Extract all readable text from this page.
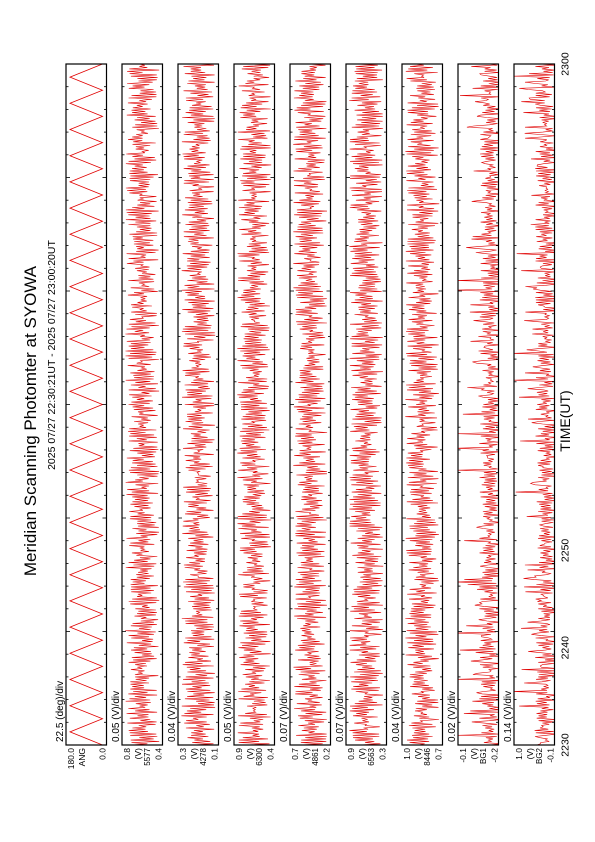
Meridian Scanning Photomter at SYOWA 2025 07/27 22:30:21UT - 2025 07/27 23:00:20UT
180.0 ANG 0.0
22.5 (deg)/div
0.8 (V) 5577 0.4
0.05 (V)/div
0.3 (V) 4278 0.1
0.04 (V)/div
0.9 (V) 6300 0.4
0.05 (V)/div
0.7 (V) 4861 0.2
0.07 (V)/div
0.9 (V) 6563 0.3
0.07 (V)/div
1.0 (V) 8446 0.7
0.04 (V)/div
-0.1 (V) BG1 -0.2
0.02 (V)/div
1.0 (V) BG2 -0.1
0.14 (V)/div
2230
2240
2250
2300
TIME(UT)
